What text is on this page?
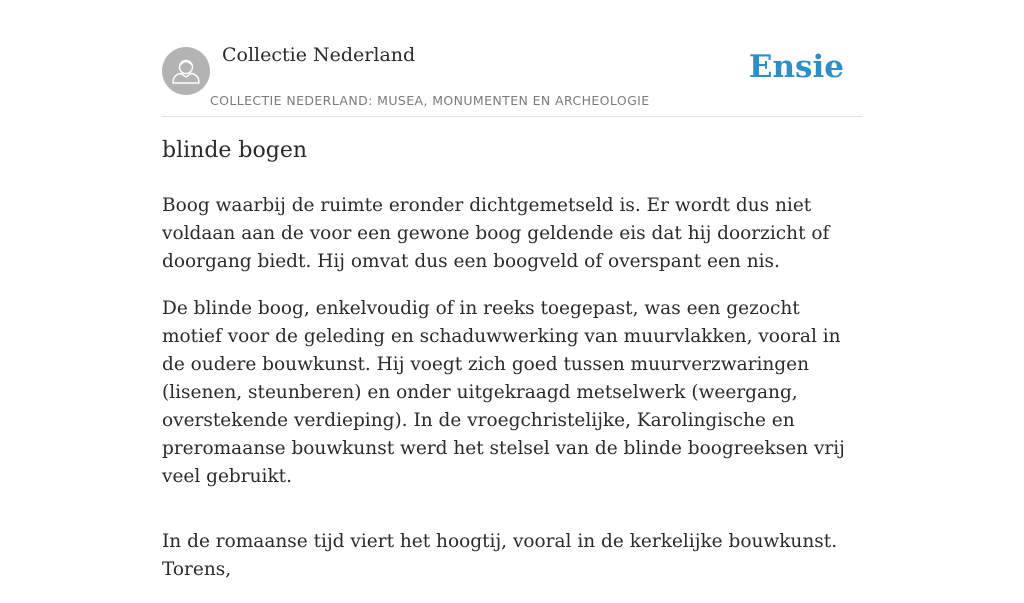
Collectie Nederland
COLLECTIE NEDERLAND: MUSEA, MONUMENTEN EN ARCHEOLOGIE
Ensie
blinde bogen

Boog waarbij de ruimte eronder dichtgemetseld is. Er wordt dus niet voldaan aan de voor een gewone boog geldende eis dat hij doorzicht of doorgang biedt. Hij omvat dus een boogveld of overspant een nis.

De blinde boog, enkelvoudig of in reeks toegepast, was een gezocht motief voor de geleding en schaduwwerking van muurvlakken, vooral in de oudere bouwkunst. Hij voegt zich goed tussen muurverzwaringen (lisenen, steunberen) en onder uitgekraagd metselwerk (weergang, overstekende verdieping). In de vroegchristelijke, Karolingische en preromaanse bouwkunst werd het stelsel van de blinde boogreeksen vrij veel gebruikt.

In de romaanse tijd viert het hoogtij, vooral in de kerkelijke bouwkunst. Torens,
